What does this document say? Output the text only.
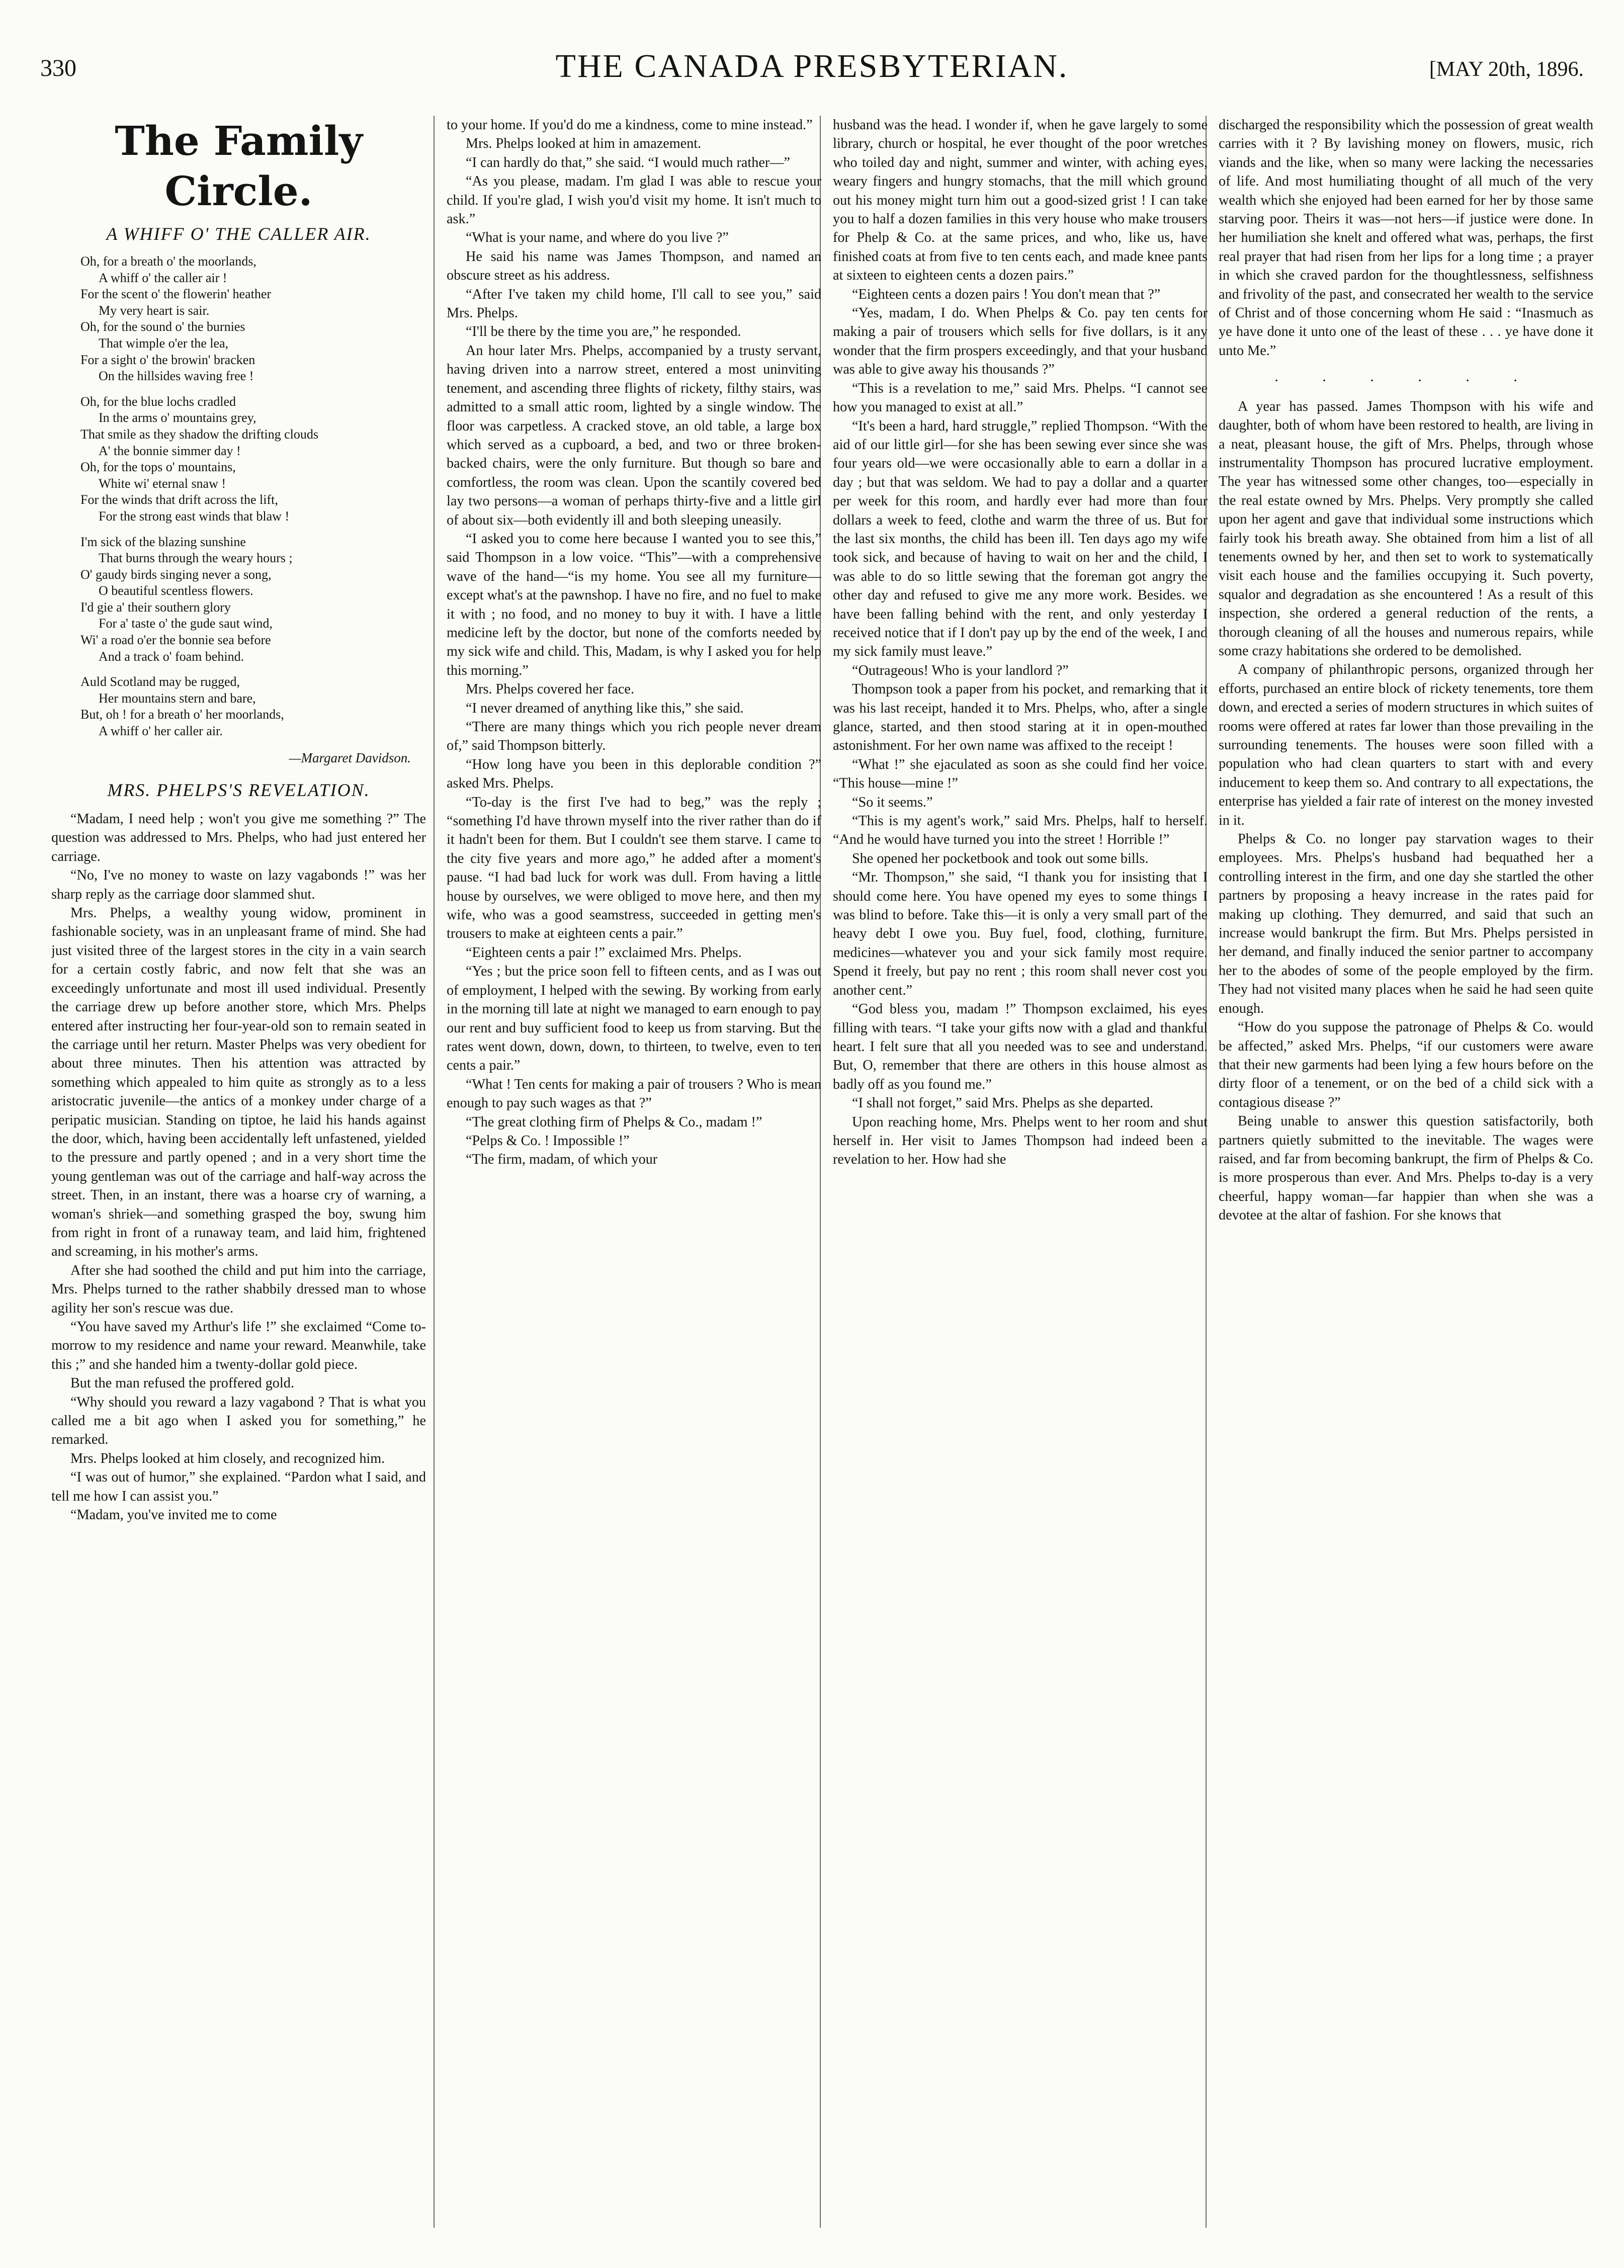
330	THE CANADA PRESBYTERIAN.	[MAY 20th, 1896.
The Family Circle.
A WHIFF O' THE CALLER AIR.
Oh, for a breath o' the moorlands,
A whiff o' the caller air !
For the scent o' the flowerin' heather
My very heart is sair.
Oh, for the sound o' the burnies
That wimple o'er the lea,
For a sight o' the browin' bracken
On the hillsides waving free !
Oh, for the blue lochs cradled
In the arms o' mountains grey,
That smile as they shadow the drifting clouds
A' the bonnie simmer day !
Oh, for the tops o' mountains,
White wi' eternal snaw !
For the winds that drift across the lift,
For the strong east winds that blaw !
I'm sick of the blazing sunshine
That burns through the weary hours ;
O' gaudy birds singing never a song,
O beautiful scentless flowers.
I'd gie a' their southern glory
For a' taste o' the gude saut wind,
Wi' a road o'er the bonnie sea before
And a track o' foam behind.
Auld Scotland may be rugged,
Her mountains stern and bare,
But, oh ! for a breath o' her moorlands,
A whiff o' her caller air.
—Margaret Davidson.
MRS. PHELPS'S REVELATION.

“Madam, I need help ; won't you give me something ?” The question was addressed to Mrs. Phelps, who had just entered her carriage.

“No, I've no money to waste on lazy vagabonds !” was her sharp reply as the carriage door slammed shut.

Mrs. Phelps, a wealthy young widow, prominent in fashionable society, was in an unpleasant frame of mind. She had just visited three of the largest stores in the city in a vain search for a certain costly fabric, and now felt that she was an exceedingly unfortunate and most ill used individual. Presently the carriage drew up before another store, which Mrs. Phelps entered after instructing her four-year-old son to remain seated in the carriage until her return. Master Phelps was very obedient for about three minutes. Then his attention was attracted by something which appealed to him quite as strongly as to a less aristocratic juvenile—the antics of a monkey under charge of a peripatic musician. Standing on tiptoe, he laid his hands against the door, which, having been accidentally left unfastened, yielded to the pressure and partly opened ; and in a very short time the young gentleman was out of the carriage and half-way across the street. Then, in an instant, there was a hoarse cry of warning, a woman's shriek—and something grasped the boy, swung him from right in front of a runaway team, and laid him, frightened and screaming, in his mother's arms.

After she had soothed the child and put him into the carriage, Mrs. Phelps turned to the rather shabbily dressed man to whose agility her son's rescue was due.

“You have saved my Arthur's life !” she exclaimed “Come to-morrow to my residence and name your reward. Meanwhile, take this ;” and she handed him a twenty-dollar gold piece.

But the man refused the proffered gold.

“Why should you reward a lazy vagabond ? That is what you called me a bit ago when I asked you for something,” he remarked.

Mrs. Phelps looked at him closely, and recognized him.

“I was out of humor,” she explained. “Pardon what I said, and tell me how I can assist you.”

“Madam, you've invited me to come

to your home. If you'd do me a kindness, come to mine instead.”

Mrs. Phelps looked at him in amazement.

“I can hardly do that,” she said. “I would much rather—”

“As you please, madam. I'm glad I was able to rescue your child. If you're glad, I wish you'd visit my home. It isn't much to ask.”

“What is your name, and where do you live ?”

He said his name was James Thompson, and named an obscure street as his address.

“After I've taken my child home, I'll call to see you,” said Mrs. Phelps.

“I'll be there by the time you are,” he responded.

An hour later Mrs. Phelps, accompanied by a trusty servant, having driven into a narrow street, entered a most uninviting tenement, and ascending three flights of rickety, filthy stairs, was admitted to a small attic room, lighted by a single window. The floor was carpetless. A cracked stove, an old table, a large box which served as a cupboard, a bed, and two or three broken-backed chairs, were the only furniture. But though so bare and comfortless, the room was clean. Upon the scantily covered bed lay two persons—a woman of perhaps thirty-five and a little girl of about six—both evidently ill and both sleeping uneasily.

“I asked you to come here because I wanted you to see this,” said Thompson in a low voice. “This”—with a comprehensive wave of the hand—“is my home. You see all my furniture—except what's at the pawnshop. I have no fire, and no fuel to make it with ; no food, and no money to buy it with. I have a little medicine left by the doctor, but none of the comforts needed by my sick wife and child. This, Madam, is why I asked you for help this morning.”

Mrs. Phelps covered her face.

“I never dreamed of anything like this,” she said.

“There are many things which you rich people never dream of,” said Thompson bitterly.

“How long have you been in this deplorable condition ?” asked Mrs. Phelps.

“To-day is the first I've had to beg,” was the reply ; “something I'd have thrown myself into the river rather than do if it hadn't been for them. But I couldn't see them starve. I came to the city five years and more ago,” he added after a moment's pause. “I had bad luck for work was dull. From having a little house by ourselves, we were obliged to move here, and then my wife, who was a good seamstress, succeeded in getting men's trousers to make at eighteen cents a pair.”

“Eighteen cents a pair !” exclaimed Mrs. Phelps.

“Yes ; but the price soon fell to fifteen cents, and as I was out of employment, I helped with the sewing. By working from early in the morning till late at night we managed to earn enough to pay our rent and buy sufficient food to keep us from starving. But the rates went down, down, down, to thirteen, to twelve, even to ten cents a pair.”

“What ! Ten cents for making a pair of trousers ? Who is mean enough to pay such wages as that ?”

“The great clothing firm of Phelps & Co., madam !”

“Pelps & Co. ! Impossible !”

“The firm, madam, of which your

husband was the head. I wonder if, when he gave largely to some library, church or hospital, he ever thought of the poor wretches who toiled day and night, summer and winter, with aching eyes, weary fingers and hungry stomachs, that the mill which ground out his money might turn him out a good-sized grist ! I can take you to half a dozen families in this very house who make trousers for Phelp & Co. at the same prices, and who, like us, have finished coats at from five to ten cents each, and made knee pants at sixteen to eighteen cents a dozen pairs.”

“Eighteen cents a dozen pairs ! You don't mean that ?”

“Yes, madam, I do. When Phelps & Co. pay ten cents for making a pair of trousers which sells for five dollars, is it any wonder that the firm prospers exceedingly, and that your husband was able to give away his thousands ?”

“This is a revelation to me,” said Mrs. Phelps. “I cannot see how you managed to exist at all.”

“It's been a hard, hard struggle,” replied Thompson. “With the aid of our little girl—for she has been sewing ever since she was four years old—we were occasionally able to earn a dollar in a day ; but that was seldom. We had to pay a dollar and a quarter per week for this room, and hardly ever had more than four dollars a week to feed, clothe and warm the three of us. But for the last six months, the child has been ill. Ten days ago my wife took sick, and because of having to wait on her and the child, I was able to do so little sewing that the foreman got angry the other day and refused to give me any more work. Besides. we have been falling behind with the rent, and only yesterday I received notice that if I don't pay up by the end of the week, I and my sick family must leave.”

“Outrageous! Who is your landlord ?”

Thompson took a paper from his pocket, and remarking that it was his last receipt, handed it to Mrs. Phelps, who, after a single glance, started, and then stood staring at it in open-mouthed astonishment. For her own name was affixed to the receipt !

“What !” she ejaculated as soon as she could find her voice. “This house—mine !”

“So it seems.”

“This is my agent's work,” said Mrs. Phelps, half to herself. “And he would have turned you into the street ! Horrible !”

She opened her pocketbook and took out some bills.

“Mr. Thompson,” she said, “I thank you for insisting that I should come here. You have opened my eyes to some things I was blind to before. Take this—it is only a very small part of the heavy debt I owe you. Buy fuel, food, clothing, furniture, medicines—whatever you and your sick family most require. Spend it freely, but pay no rent ; this room shall never cost you another cent.”

“God bless you, madam !” Thompson exclaimed, his eyes filling with tears. “I take your gifts now with a glad and thankful heart. I felt sure that all you needed was to see and understand. But, O, remember that there are others in this house almost as badly off as you found me.”

“I shall not forget,” said Mrs. Phelps as she departed.

Upon reaching home, Mrs. Phelps went to her room and shut herself in. Her visit to James Thompson had indeed been a revelation to her. How had she

discharged the responsibility which the possession of great wealth carries with it ? By lavishing money on flowers, music, rich viands and the like, when so many were lacking the necessaries of life. And most humiliating thought of all much of the very wealth which she enjoyed had been earned for her by those same starving poor. Theirs it was—not hers—if justice were done. In her humiliation she knelt and offered what was, perhaps, the first real prayer that had risen from her lips for a long time ; a prayer in which she craved pardon for the thoughtlessness, selfishness and frivolity of the past, and consecrated her wealth to the service of Christ and of those concerning whom He said : “Inasmuch as ye have done it unto one of the least of these . . . ye have done it unto Me.”

. . . . . .

A year has passed. James Thompson with his wife and daughter, both of whom have been restored to health, are living in a neat, pleasant house, the gift of Mrs. Phelps, through whose instrumentality Thompson has procured lucrative employment. The year has witnessed some other changes, too—especially in the real estate owned by Mrs. Phelps. Very promptly she called upon her agent and gave that individual some instructions which fairly took his breath away. She obtained from him a list of all tenements owned by her, and then set to work to systematically visit each house and the families occupying it. Such poverty, squalor and degradation as she encountered ! As a result of this inspection, she ordered a general reduction of the rents, a thorough cleaning of all the houses and numerous repairs, while some crazy habitations she ordered to be demolished.

A company of philanthropic persons, organized through her efforts, purchased an entire block of rickety tenements, tore them down, and erected a series of modern structures in which suites of rooms were offered at rates far lower than those prevailing in the surrounding tenements. The houses were soon filled with a population who had clean quarters to start with and every inducement to keep them so. And contrary to all expectations, the enterprise has yielded a fair rate of interest on the money invested in it.

Phelps & Co. no longer pay starvation wages to their employees. Mrs. Phelps's husband had bequathed her a controlling interest in the firm, and one day she startled the other partners by proposing a heavy increase in the rates paid for making up clothing. They demurred, and said that such an increase would bankrupt the firm. But Mrs. Phelps persisted in her demand, and finally induced the senior partner to accompany her to the abodes of some of the people employed by the firm. They had not visited many places when he said he had seen quite enough.

“How do you suppose the patronage of Phelps & Co. would be affected,” asked Mrs. Phelps, “if our customers were aware that their new garments had been lying a few hours before on the dirty floor of a tenement, or on the bed of a child sick with a contagious disease ?”

Being unable to answer this question satisfactorily, both partners quietly submitted to the inevitable. The wages were raised, and far from becoming bankrupt, the firm of Phelps & Co. is more prosperous than ever. And Mrs. Phelps to-day is a very cheerful, happy woman—far happier than when she was a devotee at the altar of fashion. For she knows that
